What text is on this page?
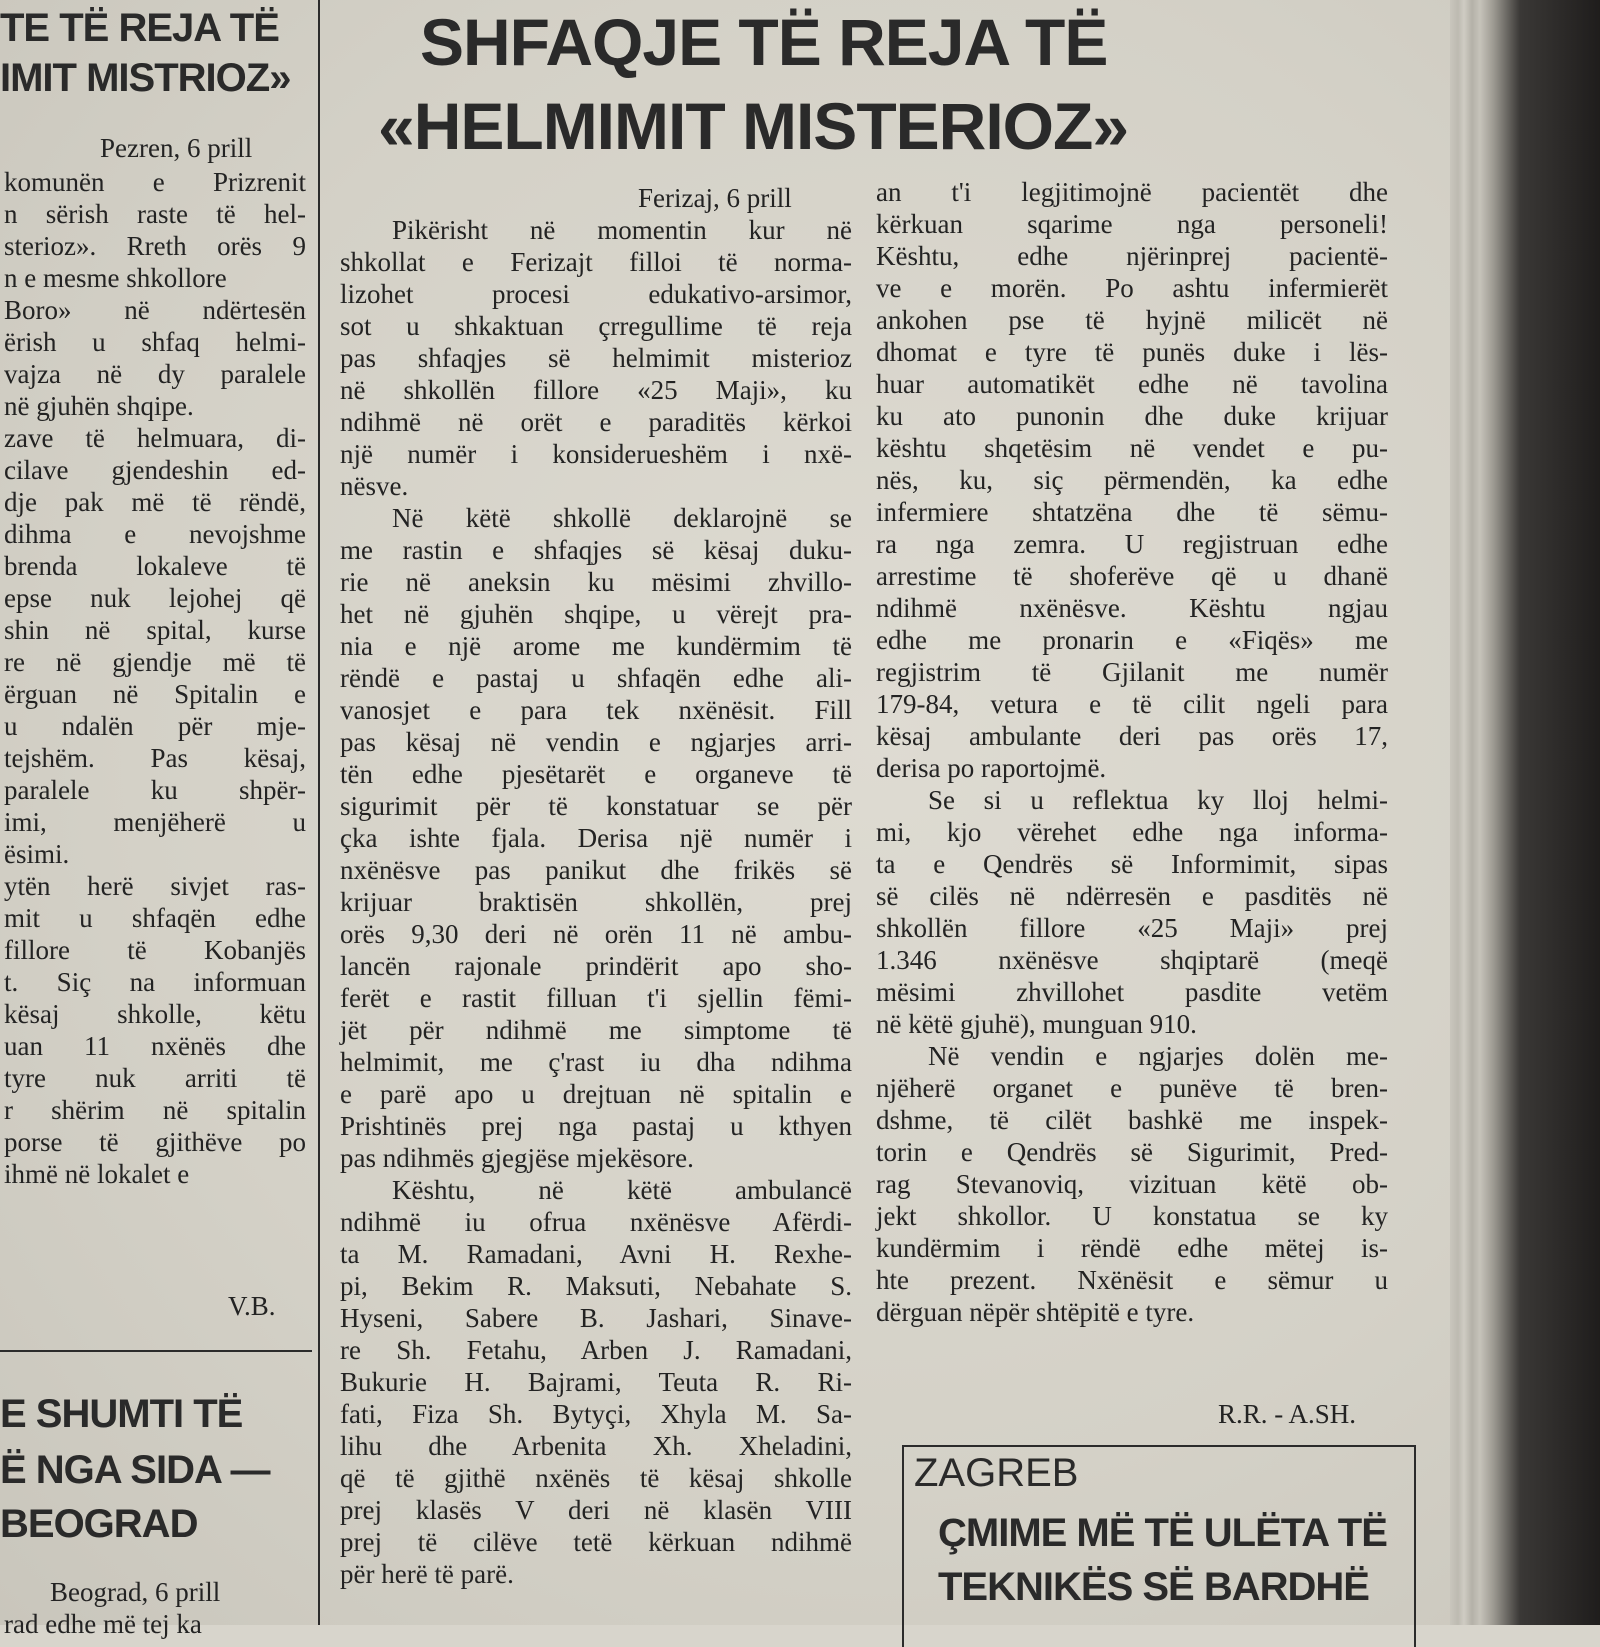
TE TË REJA TË
IMIT MISTRIOZ»
Pezren, 6 prill
komunën e Prizrenit
n sërish raste të hel-
sterioz». Rreth orës 9
n e mesme shkollore
Boro» në ndërtesën
ërish u shfaq helmi-
vajza në dy paralele
në gjuhën shqipe.
zave të helmuara, di-
cilave gjendeshin ed-
dje pak më të rëndë,
dihma e nevojshme
brenda lokaleve të
epse nuk lejohej që
shin në spital, kurse
re në gjendje më të
ërguan në Spitalin e
u ndalën për mje-
tejshëm. Pas kësaj,
paralele ku shpër-
imi, menjëherë u
ësimi.
ytën herë sivjet ras-
mit u shfaqën edhe
fillore të Kobanjës
t. Siç na informuan
kësaj shkolle, këtu
uan 11 nxënës dhe
tyre nuk arriti të
r shërim në spitalin
porse të gjithëve po
ihmë në lokalet e
V.B.
E SHUMTI TË
Ë NGA SIDA —
BEOGRAD
Beograd, 6 prill
rad edhe më tej ka
SHFAQJE TË REJA TË
«HELMIMIT MISTERIOZ»
Ferizaj, 6 prill
Pikërisht në momentin kur në
shkollat e Ferizajt filloi të norma-
lizohet procesi edukativo-arsimor,
sot u shkaktuan çrregullime të reja
pas shfaqjes së helmimit misterioz
në shkollën fillore «25 Maji», ku
ndihmë në orët e paraditës kërkoi
një numër i konsiderueshëm i nxë-
nësve.
Në këtë shkollë deklarojnë se
me rastin e shfaqjes së kësaj duku-
rie në aneksin ku mësimi zhvillo-
het në gjuhën shqipe, u vërejt pra-
nia e një arome me kundërmim të
rëndë e pastaj u shfaqën edhe ali-
vanosjet e para tek nxënësit. Fill
pas kësaj në vendin e ngjarjes arri-
tën edhe pjesëtarët e organeve të
sigurimit për të konstatuar se për
çka ishte fjala. Derisa një numër i
nxënësve pas panikut dhe frikës së
krijuar braktisën shkollën, prej
orës 9,30 deri në orën 11 në ambu-
lancën rajonale prindërit apo sho-
ferët e rastit filluan t'i sjellin fëmi-
jët për ndihmë me simptome të
helmimit, me ç'rast iu dha ndihma
e parë apo u drejtuan në spitalin e
Prishtinës prej nga pastaj u kthyen
pas ndihmës gjegjëse mjekësore.
Kështu, në këtë ambulancë
ndihmë iu ofrua nxënësve Afërdi-
ta M. Ramadani, Avni H. Rexhe-
pi, Bekim R. Maksuti, Nebahate S.
Hyseni, Sabere B. Jashari, Sinave-
re Sh. Fetahu, Arben J. Ramadani,
Bukurie H. Bajrami, Teuta R. Ri-
fati, Fiza Sh. Bytyçi, Xhyla M. Sa-
lihu dhe Arbenita Xh. Xheladini,
që të gjithë nxënës të kësaj shkolle
prej klasës V deri në klasën VIII
prej të cilëve tetë kërkuan ndihmë
për herë të parë.
an t'i legjitimojnë pacientët dhe
kërkuan sqarime nga personeli!
Kështu, edhe njërinprej pacientë-
ve e morën. Po ashtu infermierët
ankohen pse të hyjnë milicët në
dhomat e tyre të punës duke i lës-
huar automatikët edhe në tavolina
ku ato punonin dhe duke krijuar
kështu shqetësim në vendet e pu-
nës, ku, siç përmendën, ka edhe
infermiere shtatzëna dhe të sëmu-
ra nga zemra. U regjistruan edhe
arrestime të shoferëve që u dhanë
ndihmë nxënësve. Kështu ngjau
edhe me pronarin e «Fiqës» me
regjistrim të Gjilanit me numër
179-84, vetura e të cilit ngeli para
kësaj ambulante deri pas orës 17,
derisa po raportojmë.
Se si u reflektua ky lloj helmi-
mi, kjo vërehet edhe nga informa-
ta e Qendrës së Informimit, sipas
së cilës në ndërresën e pasditës në
shkollën fillore «25 Maji» prej
1.346 nxënësve shqiptarë (meqë
mësimi zhvillohet pasdite vetëm
në këtë gjuhë), munguan 910.
Në vendin e ngjarjes dolën me-
njëherë organet e punëve të bren-
dshme, të cilët bashkë me inspek-
torin e Qendrës së Sigurimit, Pred-
rag Stevanoviq, vizituan këtë ob-
jekt shkollor. U konstatua se ky
kundërmim i rëndë edhe mëtej is-
hte prezent. Nxënësit e sëmur u
dërguan nëpër shtëpitë e tyre.
R.R. - A.SH.
ZAGREB
ÇMIME MË TË ULËTA TË
TEKNIKËS SË BARDHË
